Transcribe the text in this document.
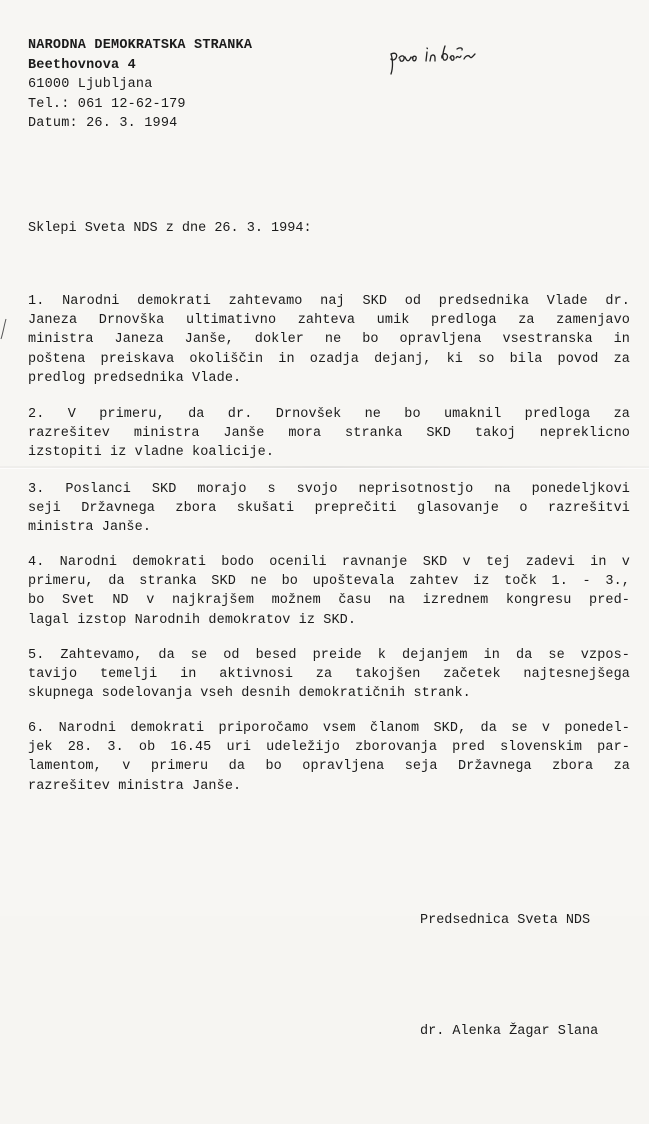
NARODNA DEMOKRATSKA STRANKA
Beethovnova 4
61000 Ljubljana
Tel.: 061 12-62-179
Datum: 26. 3. 1994
Sklepi Sveta NDS z dne 26. 3. 1994:
1. Narodni demokrati zahtevamo naj SKD od predsednika Vlade dr.
Janeza Drnovška ultimativno zahteva umik predloga za zamenjavo
ministra Janeza Janše, dokler ne bo opravljena vsestranska in
poštena preiskava okoliščin in ozadja dejanj, ki so bila povod za
predlog predsednika Vlade.
2. V primeru, da dr. Drnovšek ne bo umaknil predloga za
razrešitev ministra Janše mora stranka SKD takoj nepreklicno
izstopiti iz vladne koalicije.
3. Poslanci SKD morajo s svojo neprisotnostjo na ponedeljkovi
seji Državnega zbora skušati preprečiti glasovanje o razrešitvi
ministra Janše.
4. Narodni demokrati bodo ocenili ravnanje SKD v tej zadevi in v
primeru, da stranka SKD ne bo upoštevala zahtev iz točk 1. - 3.,
bo Svet ND v najkrajšem možnem času na izrednem kongresu pred-
lagal izstop Narodnih demokratov iz SKD.
5. Zahtevamo, da se od besed preide k dejanjem in da se vzpos-
tavijo temelji in aktivnosi za takojšen začetek najtesnejšega
skupnega sodelovanja vseh desnih demokratičnih strank.
6. Narodni demokrati priporočamo vsem članom SKD, da se v ponedel-
jek 28. 3. ob 16.45 uri udeležijo zborovanja pred slovenskim par-
lamentom, v primeru da bo opravljena seja Državnega zbora za
razrešitev ministra Janše.

Predsednica Sveta NDS

dr. Alenka Žagar Slana
